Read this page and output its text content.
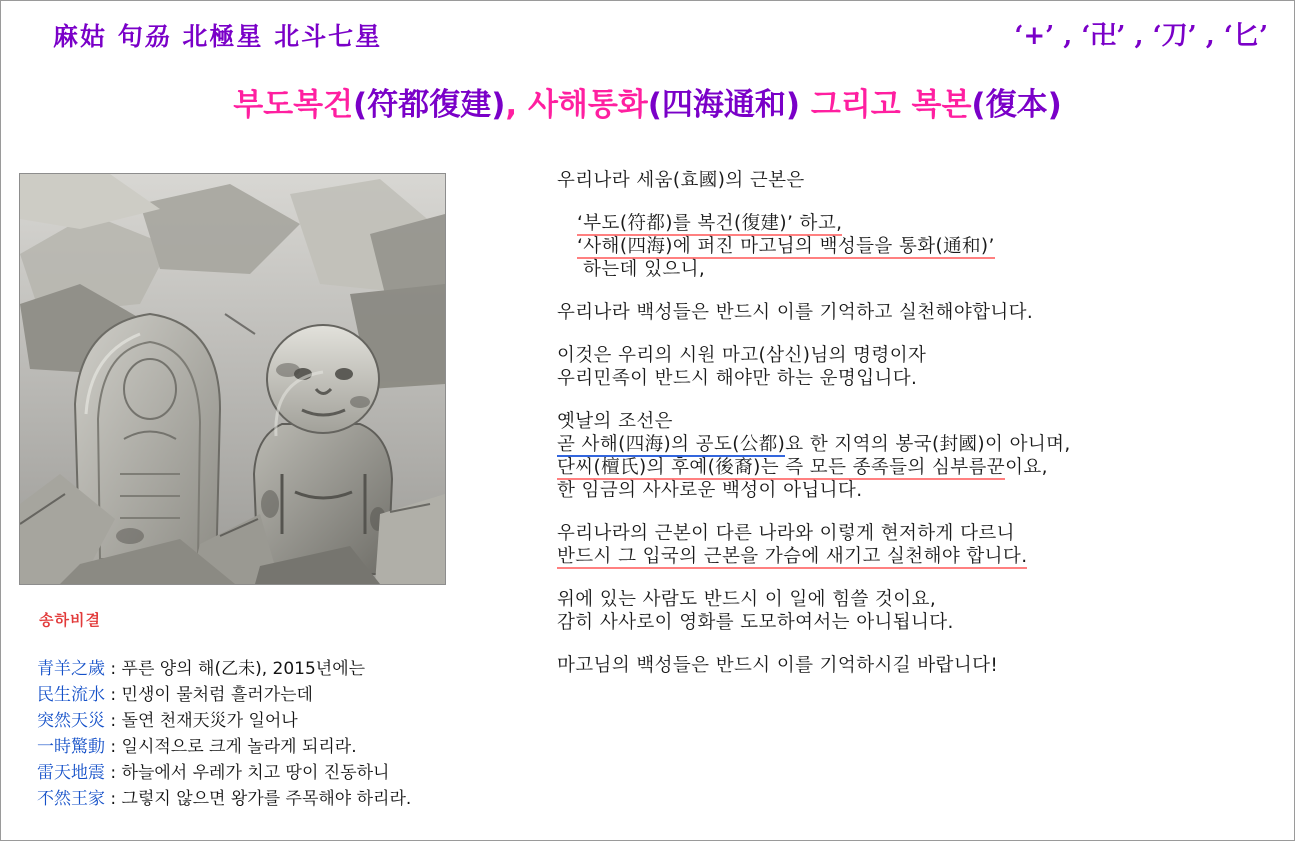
麻姑 句刕 北極星 北斗七星	‘+’ , ‘卍’ , ‘刀’ , ‘匕’
부도복건(符都復建), 사해통화(四海通和) 그리고 복본(復本)
송하비결
青羊之歲 : 푸른 양의 해(乙未), 2015년에는
民生流水 : 민생이 물처럼 흘러가는데
突然天災 : 돌연 천재天災가 일어나
一時驚動 : 일시적으로 크게 놀라게 되리라.
雷天地震 : 하늘에서 우레가 치고 땅이 진동하니
不然王家 : 그렇지 않으면 왕가를 주목해야 하리라.
우리나라 세움(효國)의 근본은
‘부도(符都)를 복건(復建)’ 하고,
‘사해(四海)에 퍼진 마고님의 백성들을 통화(通和)’
하는데 있으니,
우리나라 백성들은 반드시 이를 기억하고 실천해야합니다.
이것은 우리의 시원 마고(삼신)님의 명령이자
우리민족이 반드시 해야만 하는 운명입니다.
옛날의 조선은
곧 사해(四海)의 공도(公都)요 한 지역의 봉국(封國)이 아니며,
단씨(檀氏)의 후예(後裔)는 즉 모든 종족들의 심부름꾼이요,
한 임금의 사사로운 백성이 아닙니다.
우리나라의 근본이 다른 나라와 이렇게 현저하게 다르니
반드시 그 입국의 근본을 가슴에 새기고 실천해야 합니다.
위에 있는 사람도 반드시 이 일에 힘쓸 것이요,
감히 사사로이 영화를 도모하여서는 아니됩니다.
마고님의 백성들은 반드시 이를 기억하시길 바랍니다!
